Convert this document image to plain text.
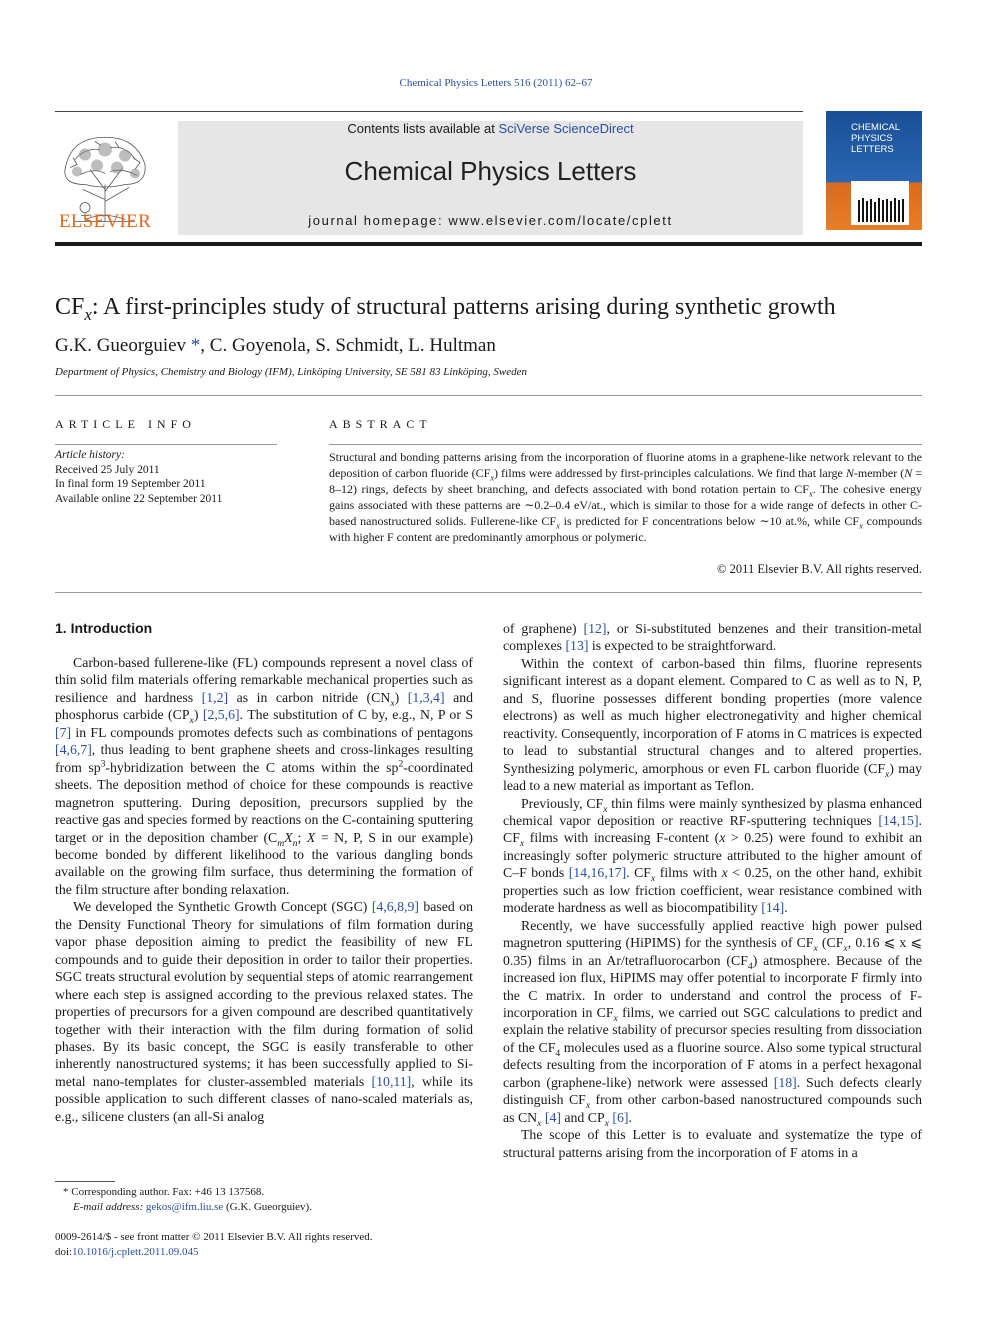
Chemical Physics Letters 516 (2011) 62–67
ELSEVIER
Contents lists available at SciVerse ScienceDirect
Chemical Physics Letters
journal homepage: www.elsevier.com/locate/cplett
CHEMICAL
PHYSICS
LETTERS
$CF_x$: A first-principles study of structural patterns arising during synthetic growth
G.K. Gueorguiev *, C. Goyenola, S. Schmidt, L. Hultman
Department of Physics, Chemistry and Biology (IFM), Linköping University, SE 581 83 Linköping, Sweden
ARTICLE INFO	ABSTRACT
Article history:
Received 25 July 2011
In final form 19 September 2011
Available online 22 September 2011
Structural and bonding patterns arising from the incorporation of fluorine atoms in a graphene-like network relevant to the deposition of carbon fluoride $(CF_x)$ films were addressed by first-principles calculations. We find that large N-member (N = 8–12) rings, defects by sheet branching, and defects associated with bond rotation pertain to $CF_x$. The cohesive energy gains associated with these patterns are ∼0.2–0.4 eV/at., which is similar to those for a wide range of defects in other C-based nanostructured solids. Fullerene-like $CF_x$ is predicted for F concentrations below ∼10 at.%, while $CF_x$ compounds with higher F content are predominantly amorphous or polymeric.
© 2011 Elsevier B.V. All rights reserved.
1. Introduction

Carbon-based fullerene-like (FL) compounds represent a novel class of thin solid film materials offering remarkable mechanical properties such as resilience and hardness [1,2] as in carbon nitride $(CN_x)$ [1,3,4] and phosphorus carbide $(CP_x)$ [2,5,6]. The substitution of C by, e.g., N, P or S [7] in FL compounds promotes defects such as combinations of pentagons [4,6,7], thus leading to bent graphene sheets and cross-linkages resulting from $sp^3$-hybridization between the C atoms within the $sp^2$-coordinated sheets. The deposition method of choice for these compounds is reactive magnetron sputtering. During deposition, precursors supplied by the reactive gas and species formed by reactions on the C-containing sputtering target or in the deposition chamber ($C_mX_n$; X = N, P, S in our example) become bonded by different likelihood to the various dangling bonds available on the growing film surface, thus determining the formation of the film structure after bonding relaxation.

We developed the Synthetic Growth Concept (SGC) [4,6,8,9] based on the Density Functional Theory for simulations of film formation during vapor phase deposition aiming to predict the feasibility of new FL compounds and to guide their deposition in order to tailor their properties. SGC treats structural evolution by sequential steps of atomic rearrangement where each step is assigned according to the previous relaxed states. The properties of precursors for a given compound are described quantitatively together with their interaction with the film during formation of solid phases. By its basic concept, the SGC is easily transferable to other inherently nanostructured systems; it has been successfully applied to Si-metal nano-templates for cluster-assembled materials [10,11], while its possible application to such different classes of nano-scaled materials as, e.g., silicene clusters (an all-Si analog

of graphene) [12], or Si-substituted benzenes and their transition-metal complexes [13] is expected to be straightforward.

Within the context of carbon-based thin films, fluorine represents significant interest as a dopant element. Compared to C as well as to N, P, and S, fluorine possesses different bonding properties (more valence electrons) as well as much higher electronegativity and higher chemical reactivity. Consequently, incorporation of F atoms in C matrices is expected to lead to substantial structural changes and to altered properties. Synthesizing polymeric, amorphous or even FL carbon fluoride $(CF_x)$ may lead to a new material as important as Teflon.

Previously, $CF_x$ thin films were mainly synthesized by plasma enhanced chemical vapor deposition or reactive RF-sputtering techniques [14,15]. $CF_x$ films with increasing F-content (x > 0.25) were found to exhibit an increasingly softer polymeric structure attributed to the higher amount of C–F bonds [14,16,17]. $CF_x$ films with x < 0.25, on the other hand, exhibit properties such as low friction coefficient, wear resistance combined with moderate hardness as well as biocompatibility [14].

Recently, we have successfully applied reactive high power pulsed magnetron sputtering (HiPIMS) for the synthesis of $CF_x$ ($CF_x$, 0.16 ⩽ x ⩽ 0.35) films in an Ar/tetrafluorocarbon $(CF_4)$ atmosphere. Because of the increased ion flux, HiPIMS may offer potential to incorporate F firmly into the C matrix. In order to understand and control the process of F-incorporation in $CF_x$ films, we carried out SGC calculations to predict and explain the relative stability of precursor species resulting from dissociation of the $CF_4$ molecules used as a fluorine source. Also some typical structural defects resulting from the incorporation of F atoms in a perfect hexagonal carbon (graphene-like) network were assessed [18]. Such defects clearly distinguish $CF_x$ from other carbon-based nanostructured compounds such as $CN_x$ [4] and $CP_x$ [6].

The scope of this Letter is to evaluate and systematize the type of structural patterns arising from the incorporation of F atoms in a

* Corresponding author. Fax: +46 13 137568.
E-mail address: gekos@ifm.liu.se (G.K. Gueorguiev).
0009-2614/$ - see front matter © 2011 Elsevier B.V. All rights reserved.
doi:10.1016/j.cplett.2011.09.045
